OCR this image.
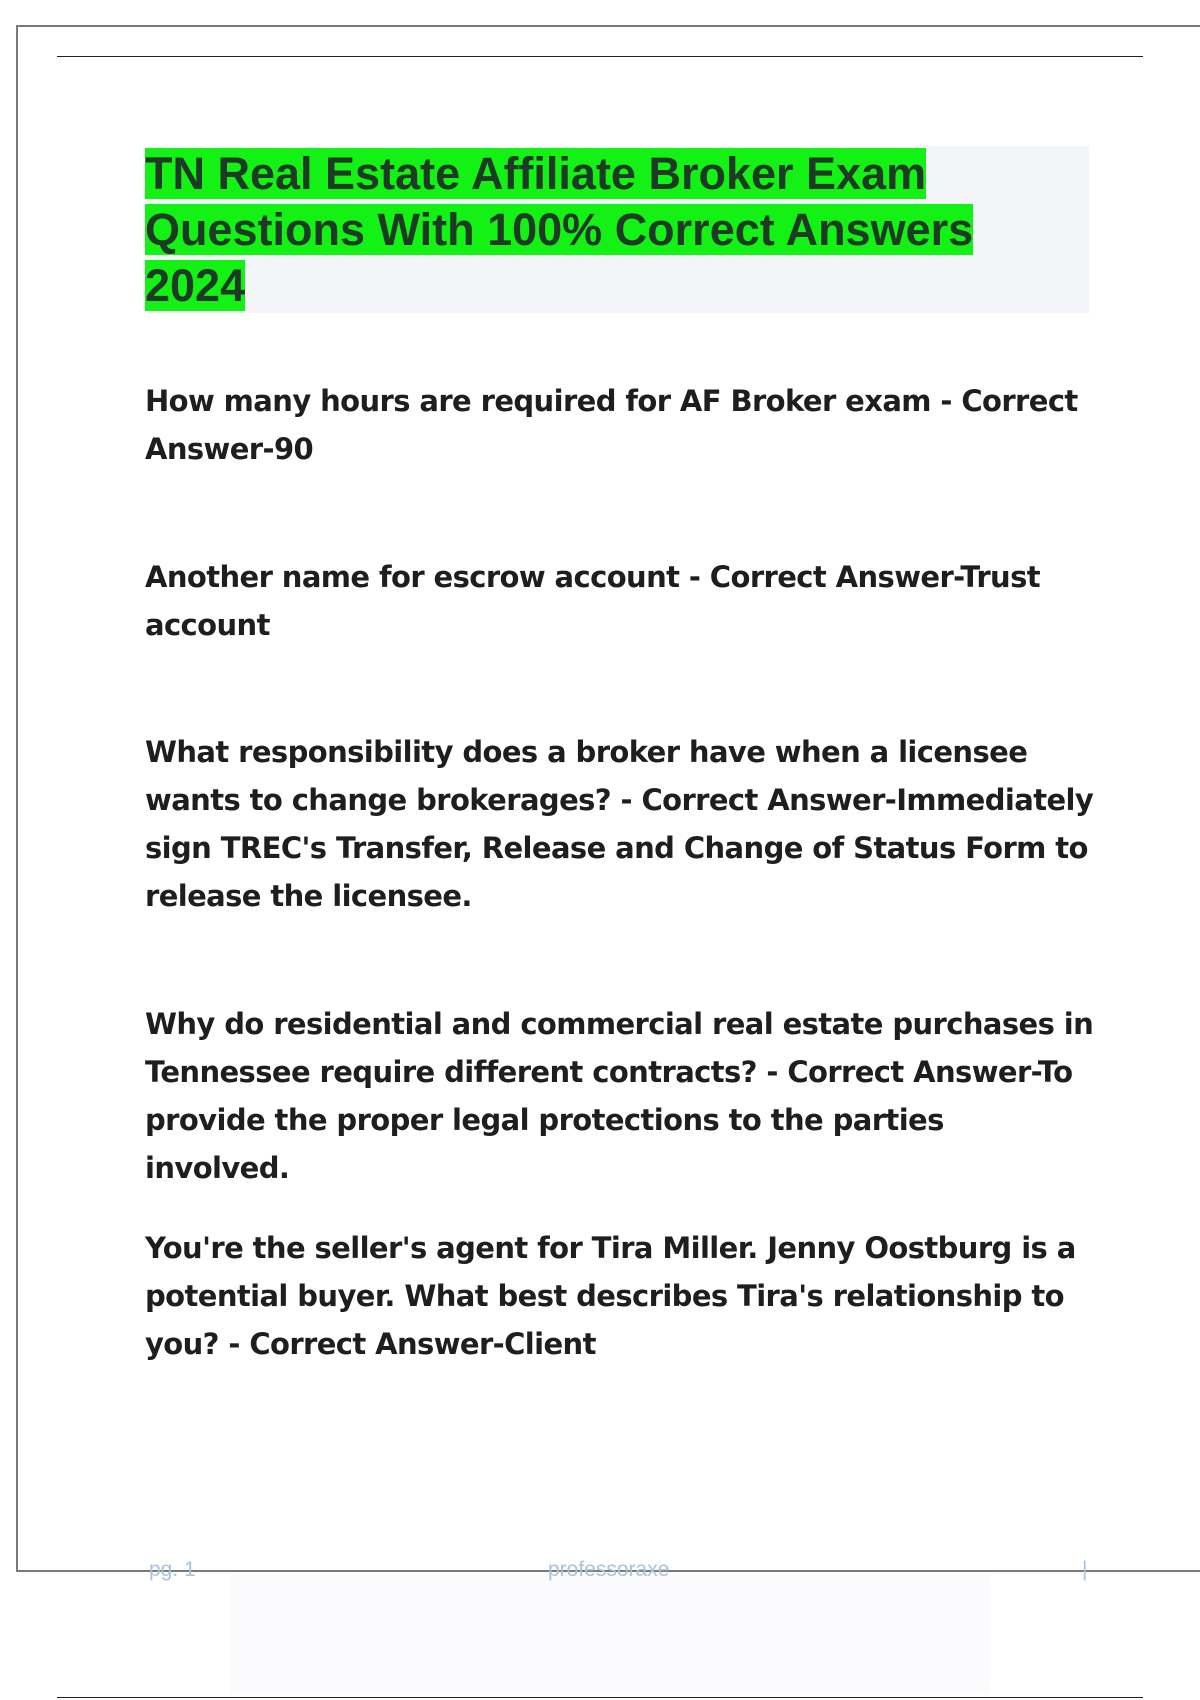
TN Real Estate Affiliate Broker Exam Questions With 100% Correct Answers 2024

How many hours are required for AF Broker exam - Correct Answer-90

Another name for escrow account - Correct Answer-Trust account

What responsibility does a broker have when a licensee wants to change brokerages? - Correct Answer-Immediately sign TREC's Transfer, Release and Change of Status Form to release the licensee.

Why do residential and commercial real estate purchases in Tennessee require different contracts? - Correct Answer-To provide the proper legal protections to the parties involved.

You're the seller's agent for Tira Miller. Jenny Oostburg is a potential buyer. What best describes Tira's relationship to you? - Correct Answer-Client

pg. 1	professoraxe	|
